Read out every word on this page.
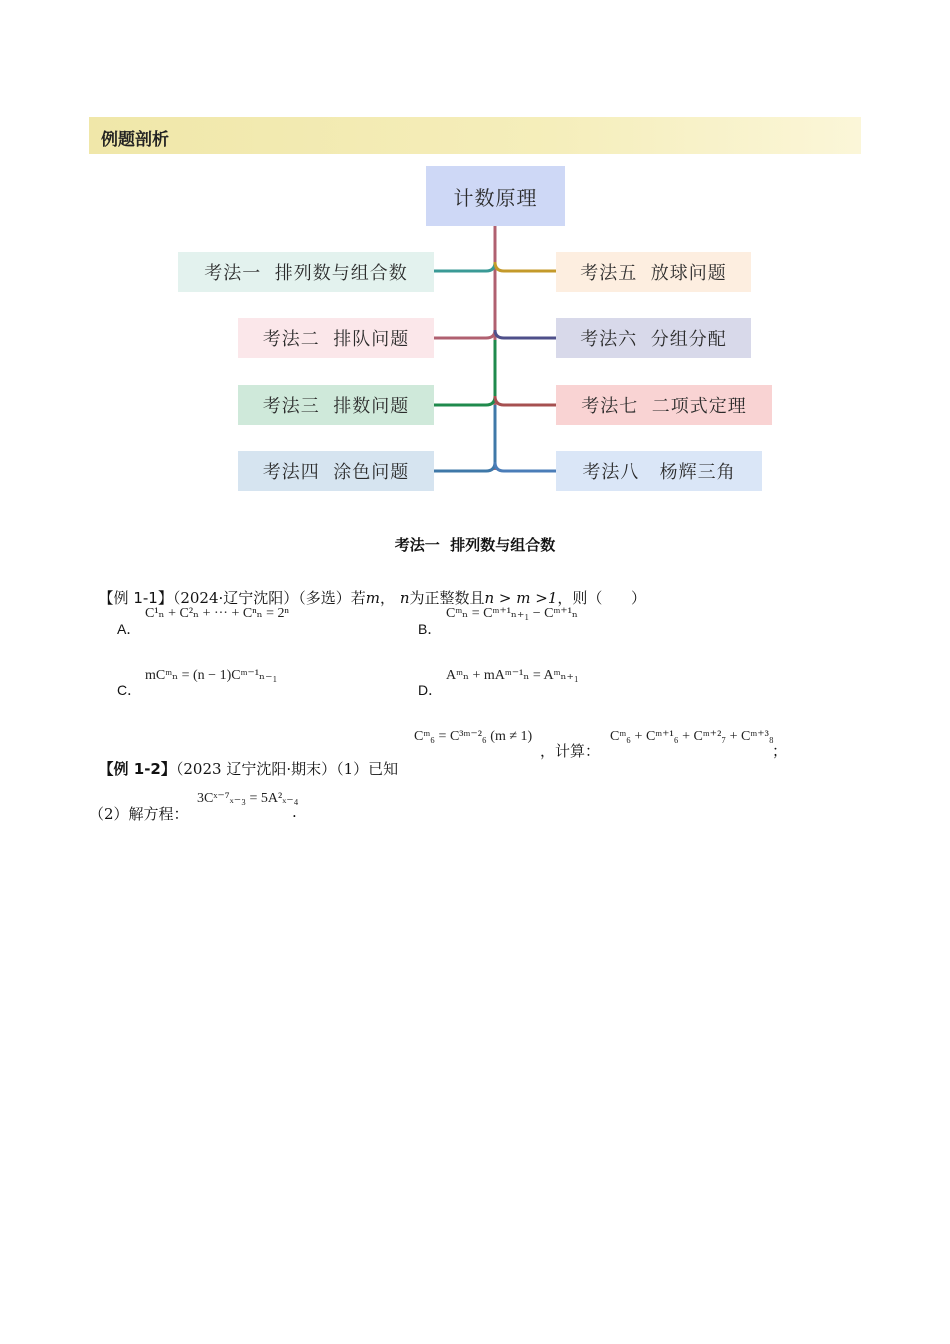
例题剖析
计数原理
考法一  排列数与组合数
考法二  排队问题
考法三  排数问题
考法四  涂色问题
考法五  放球问题
考法六  分组分配
考法七  二项式定理
考法八   杨辉三角
考法一  排列数与组合数

【例 1-1】（2024·辽宁沈阳）（多选）若m， n为正整数且n > m >1，则（      ）

A．
C¹ₙ + C²ₙ + ··· + Cⁿₙ = 2ⁿ
B．
Cᵐₙ = Cᵐ⁺¹ₙ₊₁ − Cᵐ⁺¹ₙ
C．
mCᵐₙ = (n − 1)Cᵐ⁻¹ₙ₋₁
D．
Aᵐₙ + mAᵐ⁻¹ₙ = Aᵐₙ₊₁

【例 1-2】（2023 辽宁沈阳·期末）（1）已知

Cᵐ₆ = C³ᵐ⁻²₆ (m ≠ 1)
，计算：
Cᵐ₆ + Cᵐ⁺¹₆ + Cᵐ⁺²₇ + Cᵐ⁺³₈
；
（2）解方程：
3Cˣ⁻⁷ₓ₋₃ = 5A²ₓ₋₄
.
